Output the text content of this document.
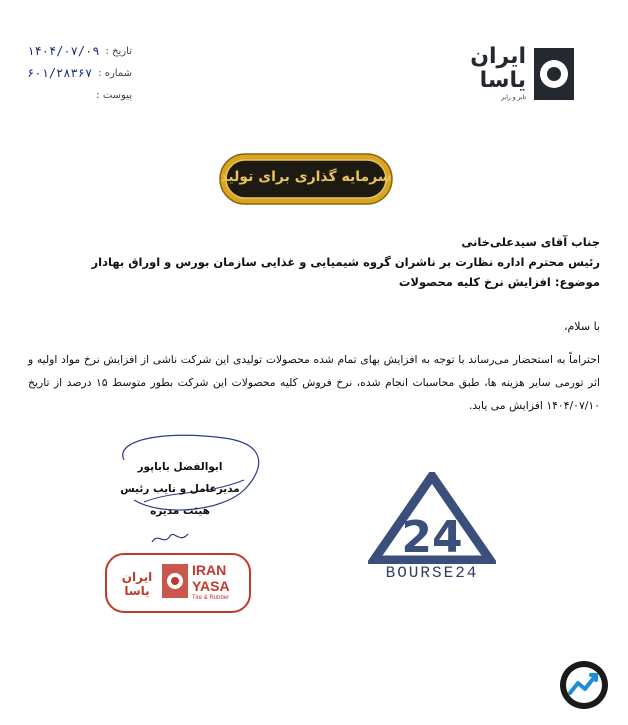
تاریخ :
۱۴۰۴/۰۷/۰۹
شماره :
۶۰۱/۲۸۳۶۷
پیوست :
ایران
یاسا
تایر و رابر
سرمایه گذاری برای تولید
جناب آقای سیدعلی‌خانی
رئیس محترم اداره نظارت بر ناشران گروه شیمیایی و غذایی سازمان بورس و اوراق بهادار
موضوع: افزایش نرخ کلیه محصولات
با سلام،
احتراماً به استحضار می‌رساند با توجه به افزایش بهای تمام شده محصولات تولیدی این شرکت ناشی از افزایش نرخ مواد اولیه و اثر تورمی سایر هزینه ها، طبق محاسبات انجام شده، نرخ فروش کلیه محصولات این شرکت بطور متوسط ۱۵ درصد از تاریخ ۱۴۰۴/۰۷/۱۰ افزایش می یابد.
ابوالفضل باباپور
مدیرعامل و نایب رئیس هیئت مدیره
ایران یاسا
IRAN
YASA
Tire & Rubber
24
BOURSE24
